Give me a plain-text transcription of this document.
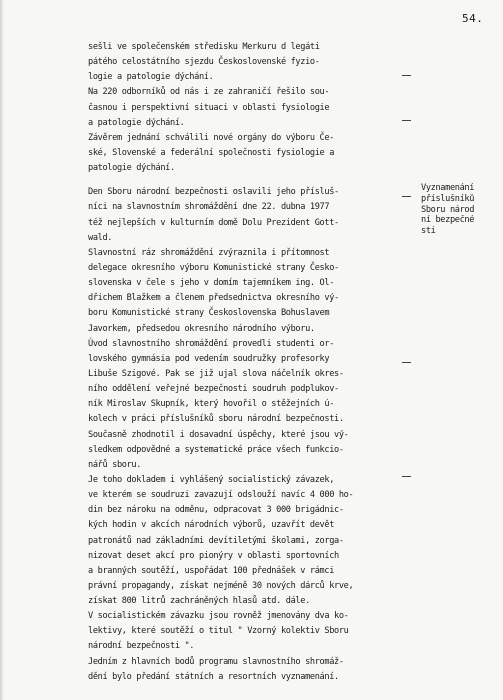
54.
sešli ve společenském středisku Merkuru d legáti
pátého celostátního sjezdu Československé fyzio-
logie a patologie dýchání.
Na 220 odborníků od nás i ze zahraničí řešilo sou-
časnou i perspektivní situaci v oblasti fysiologie
a patologie dýchání.
Závěrem jednání schválili nové orgány do výboru Če-
ské, Slovenské a federální společnosti fysiologie a
patologie dýchání.
Den Sboru národní bezpečnosti oslavili jeho přísluš-
níci na slavnostním shromáždění dne 22. dubna 1977
též nejlepších v kulturním domě Dolu Prezident Gott-
wald.
Slavnostní ráz shromáždění zvýraznila i přítomnost
delegace okresního výboru Komunistické strany Česko-
slovenska v čele s jeho v domím tajemníkem ing. Ol-
dřichem Blažkem a členem předsednictva okresního vý-
boru Komunistické strany Československa Bohuslavem
Javorkem, předsedou okresního národního výboru.
Úvod slavnostního shromáždění provedli studenti or-
lovského gymnásia pod vedením soudružky profesorky
Libuše Szigové. Pak se již ujal slova náčelník okres-
ního oddělení veřejné bezpečnosti soudruh podplukov-
ník Miroslav Skupník, který hovořil o stěžejních ú-
kolech v práci příslušníků sboru národní bezpečnosti.
Současně zhodnotil i dosavadní úspěchy, které jsou vý-
sledkem odpovědné a systematické práce všech funkcio-
nářů sboru.
Je toho dokladem i vyhlášený socialistický závazek,
ve kterém se soudruzi zavazují odslouží navíc 4 000 ho-
din bez nároku na odměnu, odpracovat 3 000 brigádnic-
kých hodin v akcích národních výborů, uzavřít devět
patronátů nad základními devítiletými školami, zorga-
nizovat deset akcí pro pionýry v oblasti sportovních
a branných soutěží, uspořádat 100 přednášek v rámci
právní propagandy, získat nejméně 30 nových dárců krve,
získat 800 litrů zachráněných hlasů atd. dále.
V socialistickém závazku jsou rovněž jmenovány dva ko-
lektivy, které soutěží o titul " Vzorný kolektiv Sboru
národní bezpečnosti ".
Jedním z hlavních bodů programu slavnostního shromáž-
dění bylo předání státních a resortních vyznamenání.
Vyznamenání
příslušníků
Sboru národ
ní bezpečné
sti
